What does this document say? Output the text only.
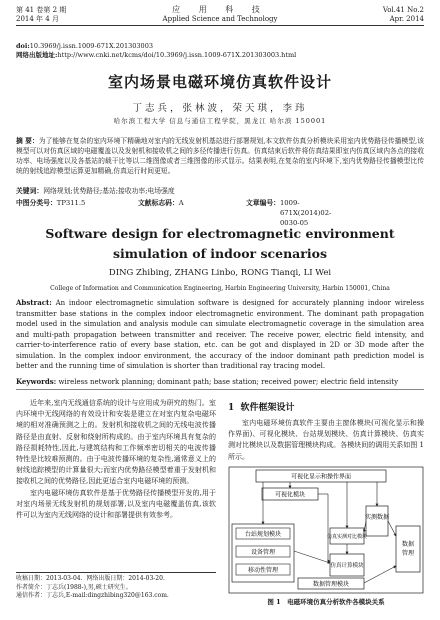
第 41 卷第 2 期
2014 年 4 月
应 用 科 技
Applied Science and Technology
Vol.41 No.2
Apr. 2014
doi:10.3969/j.issn.1009-671X.201303003
网络出版地址:http://www.cnki.net/kcms/doi/10.3969/j.issn.1009-671X.201303003.html
室内场景电磁环境仿真软件设计
丁志兵，张林波，荣天琪，李玮
哈尔滨工程大学 信息与通信工程学院，黑龙江 哈尔滨 150001
摘 要：为了能够在复杂的室内环境下精确地对室内的无线发射机基站进行部署规划,本文软件仿真分析模块采用室内优势路径传播模型,该模型可以对仿真区域的电磁覆盖以及发射机和接收机之间的多径传播进行仿真。仿真结束后软件将仿真结果即室内仿真区域内各点的接收功率、电场强度以及各基站的载干比等以二维图像或者三维图像的形式显示。结果表明,在复杂的室内环境下,室内优势路径传播模型比传统的射线追踪模型运算更加精确,仿真运行时间更短。
关键词：网络规划;优势路径;基站;接收功率;电场强度
中图分类号： TP311.5	文献标志码： A	文章编号： 1009-671X(2014)02-0030-05
Software design for electromagnetic environment
simulation of indoor scenarios
DING Zhibing, ZHANG Linbo, RONG Tianqi, LI Wei
College of Information and Communication Engineering, Harbin Engineering University, Harbin 150001, China
Abstract: An indoor electromagnetic simulation software is designed for accurately planning indoor wireless transmitter base stations in the complex indoor electromagnetic environment. The dominant path propagation model used in the simulation and analysis module can simulate electromagnetic coverage in the simulation area and multi-path propagation between transmitter and receiver. The receive power, electric field intensity, and carrier-to-interference ratio of every base station, etc. can be got and displayed in 2D or 3D mode after the simulation. In the complex indoor environment, the accuracy of the indoor dominant path prediction model is better and the running time of simulation is shorter than traditional ray tracing model.
Keywords: wireless network planning; dominant path; base station; received power; electric field intensity

近年来,室内无线通信系统的设计与应用成为研究的热门。室内环境中无线网络的有效设计和安装是建立在对室内复杂电磁环境的相对准确预测之上的。发射机和接收机之间的无线电波传播路径是由直射、反射和绕射所构成的。由于室内环境具有复杂的路径损耗特性,因此,与建筑结构和工作频率密切相关的电波传播特性是比较难预测的。由于电波传播环境的复杂性,通常意义上的射线追踪模型的计算量很大;而室内优势路径模型着重于发射机和接收机之间的优势路径,因此更适合室内电磁环境的预测。

室内电磁环境仿真软件是基于优势路径传播模型开发的,用于对室内场景无线发射机的规划部署,以及室内电磁覆盖仿真,该软件可以为室内无线网络的设计和部署提供有效参考。

1 软件框架设计

室内电磁环境仿真软件主要由主窗体模块(可视化显示和操作界面)、可视化模块、台站规划模块、仿真计算模块、仿真实测对比模块以及数据管理模块构成。各模块间的调用关系如图 1 所示。

可视化显示和操作界面
可视化模块
实测数据
数据
管理
仿真实测对比模块
台站规划模块
设备管理
移动性管理
仿真计算模块
数据管理模块
图 1　电磁环境仿真分析软件各模块关系
收稿日期：2013-03-04. 网络出版日期：2014-03-20.
作者简介：丁志兵(1988-),男,硕士研究生。
通信作者：丁志兵,E-mail:dingzhibing320@163.com.
